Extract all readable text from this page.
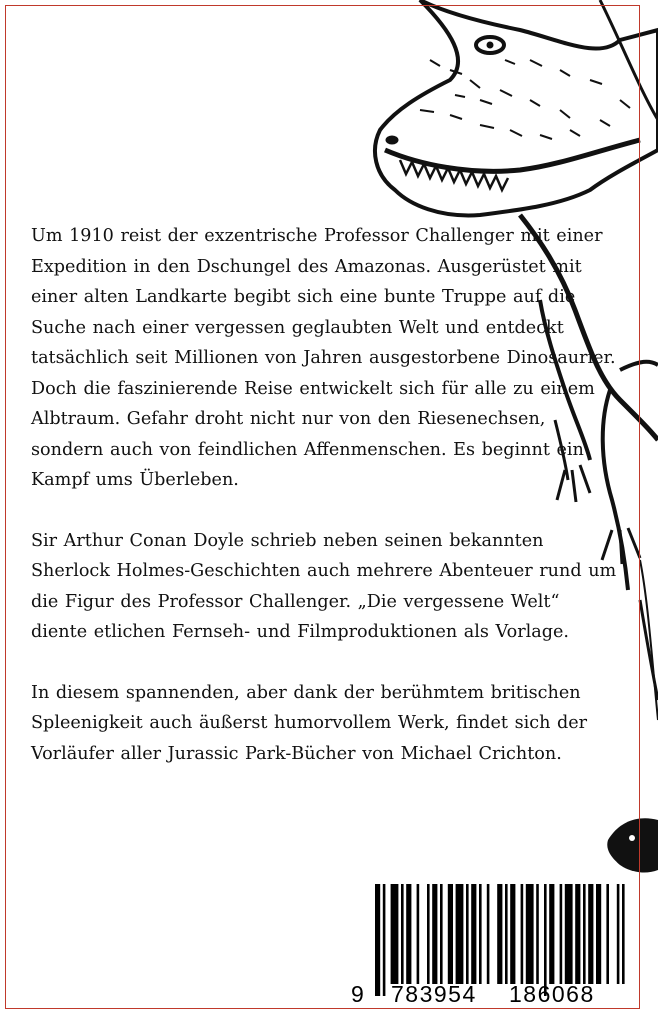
Um 1910 reist der exzentrische Professor Challenger mit einer Expedition in den Dschungel des Amazonas. Ausgerüstet mit einer alten Landkarte begibt sich eine bunte Truppe auf die Suche nach einer vergessen geglaubten Welt und entdeckt tatsächlich seit Millionen von Jahren ausgestorbene Dinosaurier. Doch die faszinierende Reise entwickelt sich für alle zu einem Albtraum. Gefahr droht nicht nur von den Riesenechsen, sondern auch von feindlichen Affenmenschen. Es beginnt ein Kampf ums Überleben.

Sir Arthur Conan Doyle schrieb neben seinen bekannten Sherlock Holmes-Geschichten auch mehrere Abenteuer rund um die Figur des Professor Challenger. „Die vergessene Welt“ diente etlichen Fernseh- und Filmproduktionen als Vorlage.

In diesem spannenden, aber dank der berühmtem britischen Spleenigkeit auch äußerst humorvollem Werk, findet sich der Vorläufer aller Jurassic Park-Bücher von Michael Crichton.

9 783954 186068
